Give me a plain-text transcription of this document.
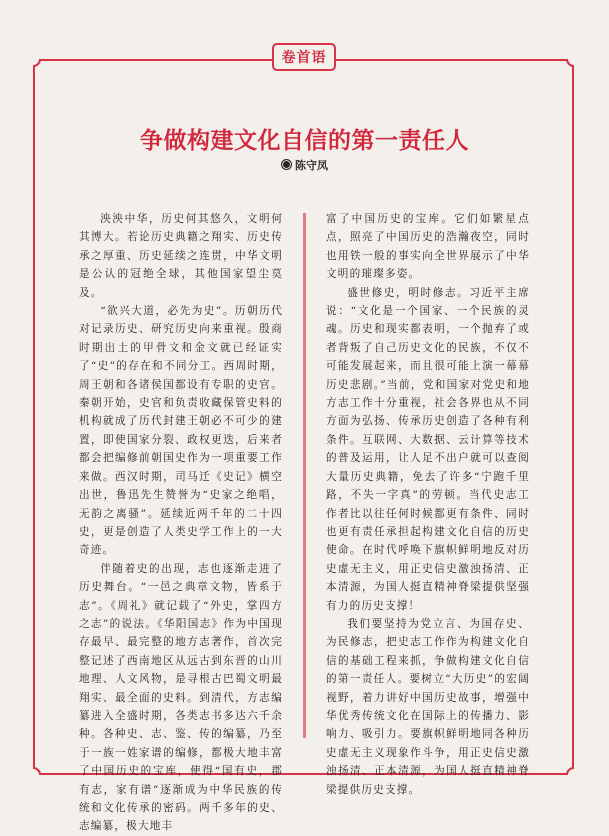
卷首语
争做构建文化自信的第一责任人
陈守凤

泱泱中华，历史何其悠久，文明何其博大。若论历史典籍之翔实、历史传承之厚重、历史延续之连贯，中华文明是公认的冠绝全球，其他国家望尘莫及。

“欲兴大道，必先为史”。历朝历代对记录历史、研究历史向来重视。殷商时期出土的甲骨文和金文就已经证实了“史”的存在和不同分工。西周时期，周王朝和各诸侯国都设有专职的史官。秦朝开始，史官和负责收藏保管史料的机构就成了历代封建王朝必不可少的建置，即使国家分裂、政权更迭，后来者都会把编修前朝国史作为一项重要工作来做。西汉时期，司马迁《史记》横空出世，鲁迅先生赞誉为“史家之绝唱，无韵之离骚”。延续近两千年的二十四史，更是创造了人类史学工作上的一大奇迹。

伴随着史的出现，志也逐渐走进了历史舞台。“一邑之典章文物，皆系于志”。《周礼》就记载了“外史，掌四方之志”的说法。《华阳国志》作为中国现存最早、最完整的地方志著作，首次完整记述了西南地区从远古到东晋的山川地理、人文风物，是寻根古巴蜀文明最翔实、最全面的史料。到清代，方志编纂进入全盛时期，各类志书多达六千余种。各种史、志、鉴、传的编纂，乃至于一族一姓家谱的编修，都极大地丰富了中国历史的宝库，使得“国有史，郡有志，家有谱”逐渐成为中华民族的传统和文化传承的密码。两千多年的史、志编纂，极大地丰

富了中国历史的宝库。它们如繁星点点，照亮了中国历史的浩瀚夜空，同时也用铁一般的事实向全世界展示了中华文明的璀璨多姿。

盛世修史，明时修志。习近平主席说：“文化是一个国家、一个民族的灵魂。历史和现实都表明，一个抛弃了或者背叛了自己历史文化的民族，不仅不可能发展起来，而且很可能上演一幕幕历史悲剧。”当前，党和国家对党史和地方志工作十分重视，社会各界也从不同方面为弘扬、传承历史创造了各种有利条件。互联网、大数据、云计算等技术的普及运用，让人足不出户就可以查阅大量历史典籍，免去了许多“宁跑千里路，不失一字真”的劳顿。当代史志工作者比以往任何时候都更有条件、同时也更有责任承担起构建文化自信的历史使命。在时代呼唤下旗帜鲜明地反对历史虚无主义，用正史信史激浊扬清、正本清源，为国人挺直精神脊梁提供坚强有力的历史支撑！

我们要坚持为党立言、为国存史、为民修志，把史志工作作为构建文化自信的基础工程来抓，争做构建文化自信的第一责任人。要树立“大历史”的宏阔视野，着力讲好中国历史故事，增强中华优秀传统文化在国际上的传播力、影响力、吸引力。要旗帜鲜明地同各种历史虚无主义现象作斗争，用正史信史激浊扬清、正本清源，为国人挺直精神脊梁提供历史支撑。
